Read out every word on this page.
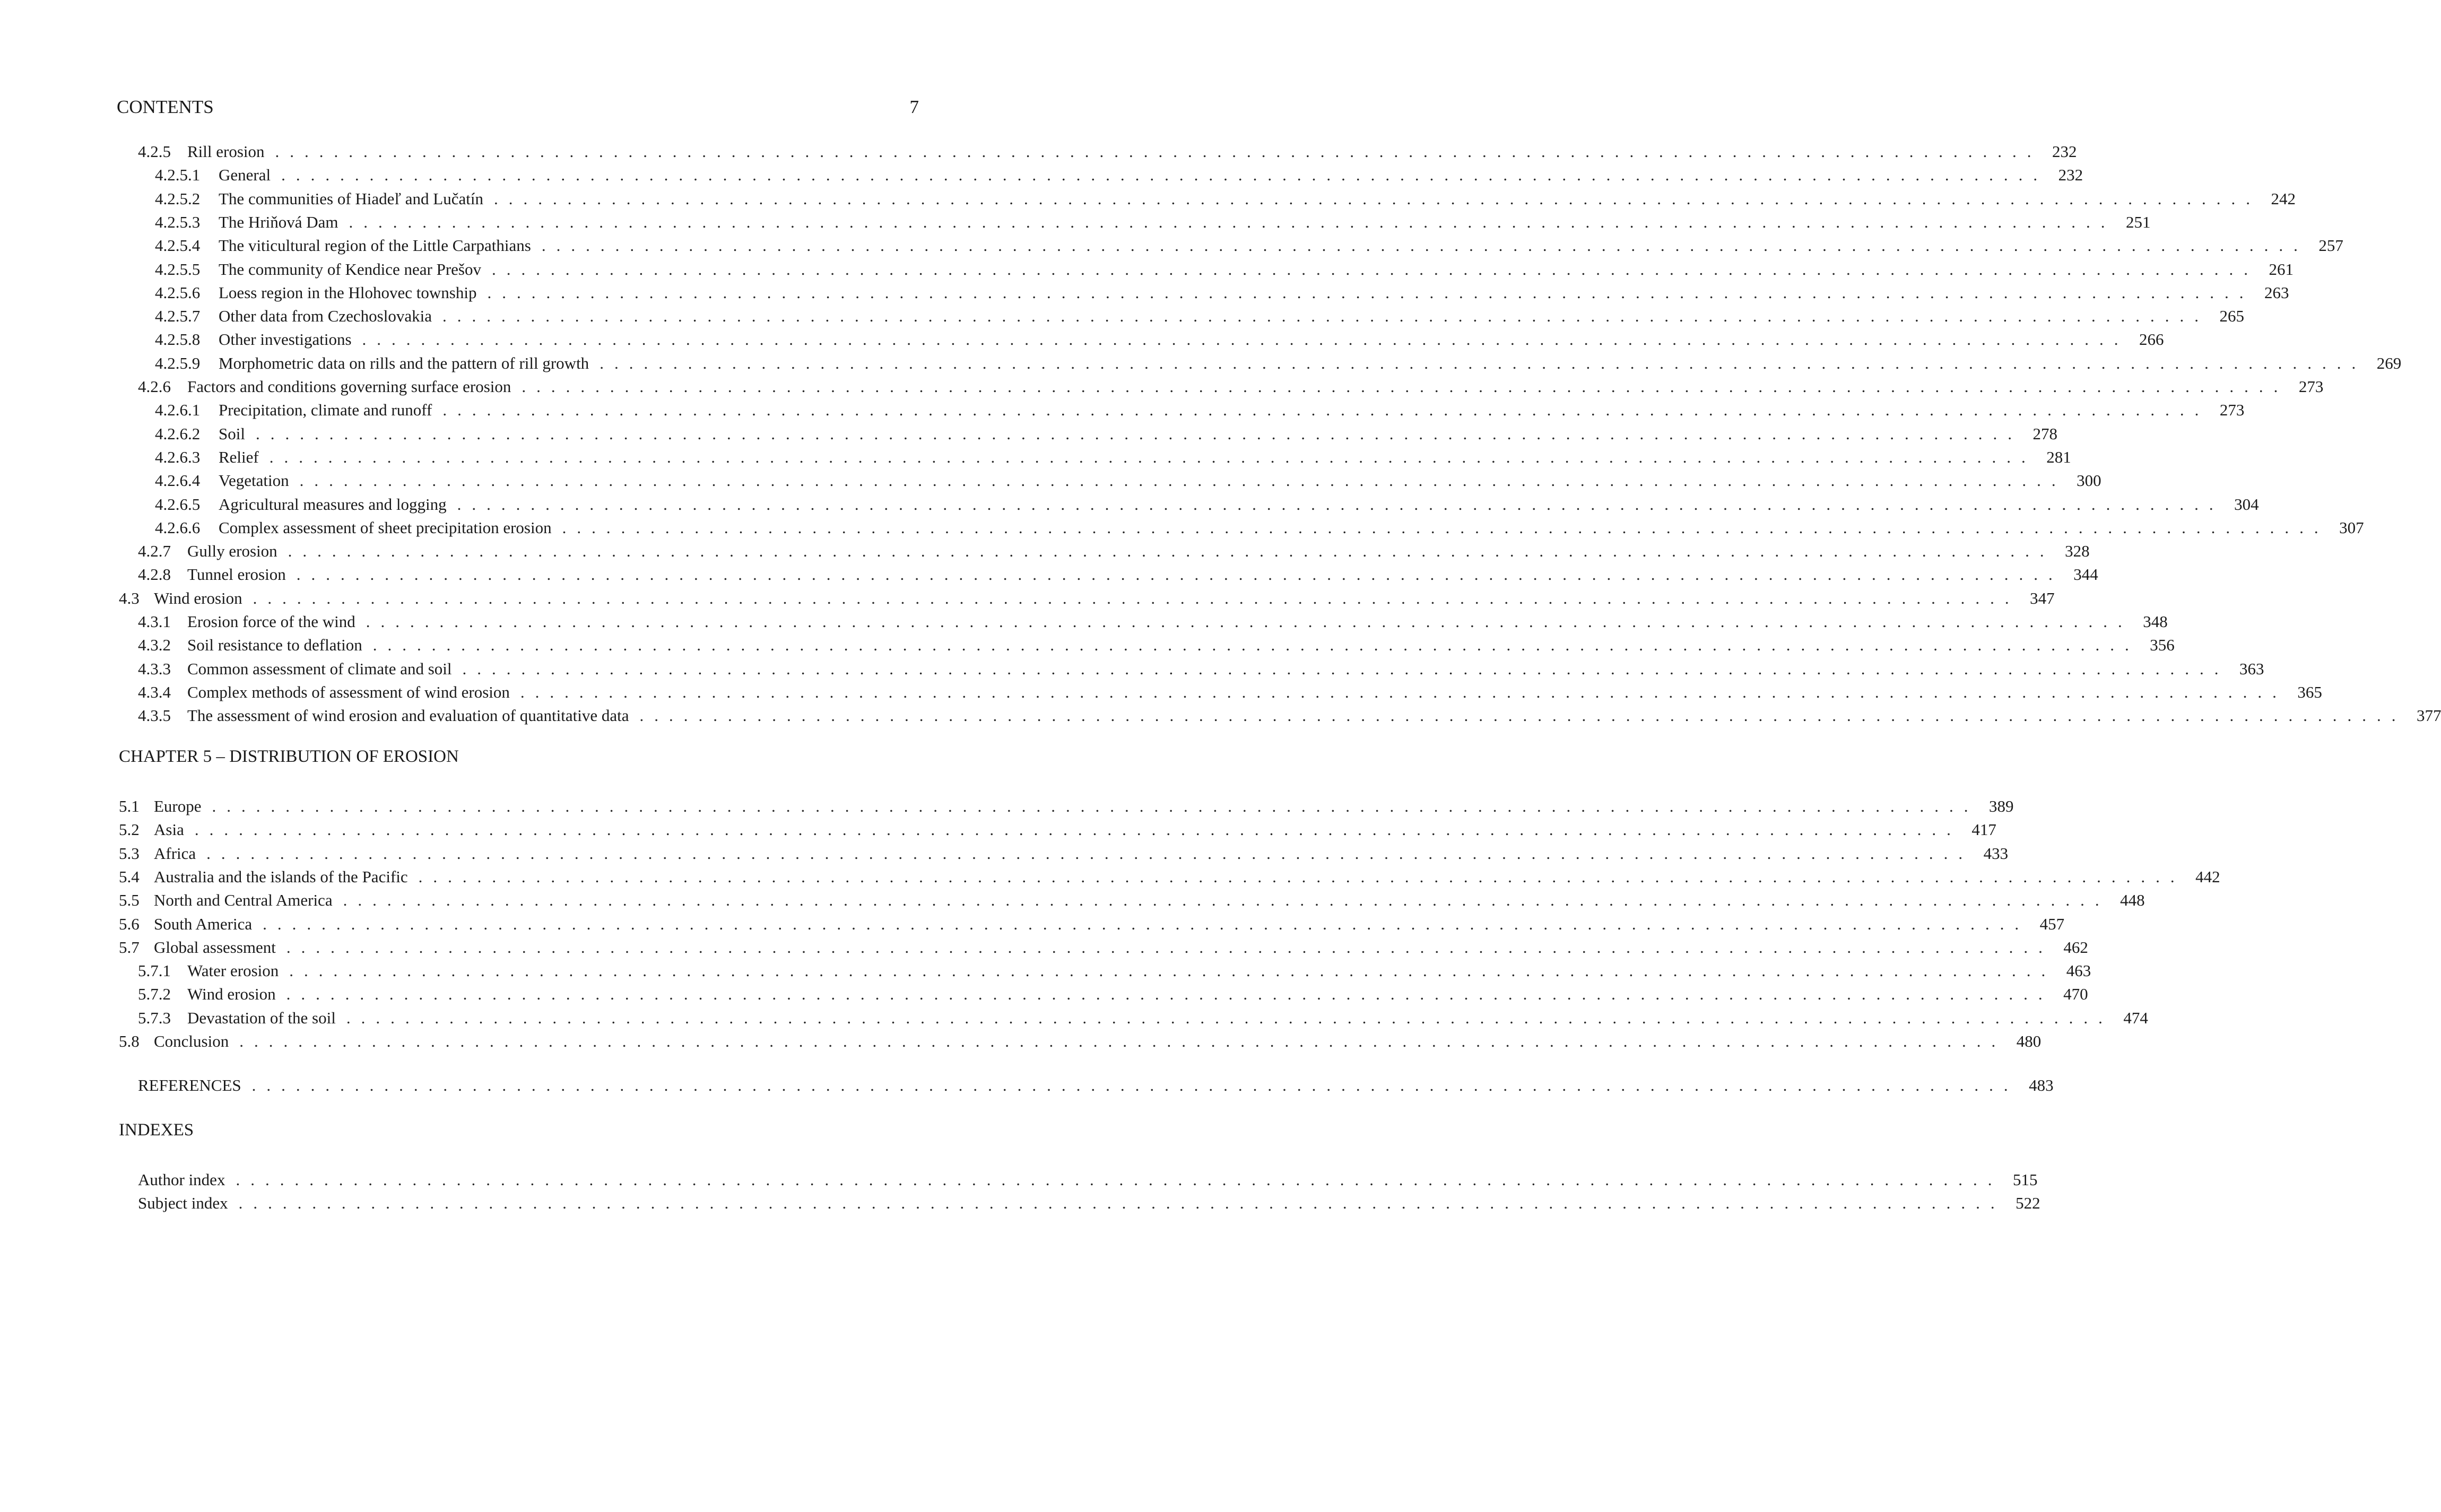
CONTENTS	7
CHAPTER 5 – DISTRIBUTION OF EROSION
INDEXES
4.2.5	Rill erosion ........................................................................................................................ 232
4.2.5.1	General ........................................................................................................................ 232
4.2.5.2	The communities of Hiadeľ and Lučatín ........................................................................................................................ 242
4.2.5.3	The Hriňová Dam ........................................................................................................................ 251
4.2.5.4	The viticultural region of the Little Carpathians ........................................................................................................................ 257
4.2.5.5	The community of Kendice near Prešov ........................................................................................................................ 261
4.2.5.6	Loess region in the Hlohovec township ........................................................................................................................ 263
4.2.5.7	Other data from Czechoslovakia ........................................................................................................................ 265
4.2.5.8	Other investigations ........................................................................................................................ 266
4.2.5.9	Morphometric data on rills and the pattern of rill growth ........................................................................................................................ 269
4.2.6	Factors and conditions governing surface erosion ........................................................................................................................ 273
4.2.6.1	Precipitation, climate and runoff ........................................................................................................................ 273
4.2.6.2	Soil ........................................................................................................................ 278
4.2.6.3	Relief ........................................................................................................................ 281
4.2.6.4	Vegetation ........................................................................................................................ 300
4.2.6.5	Agricultural measures and logging ........................................................................................................................ 304
4.2.6.6	Complex assessment of sheet precipitation erosion ........................................................................................................................ 307
4.2.7	Gully erosion ........................................................................................................................ 328
4.2.8	Tunnel erosion ........................................................................................................................ 344
4.3 Wind erosion ........................................................................................................................ 347
4.3.1	Erosion force of the wind ........................................................................................................................ 348
4.3.2	Soil resistance to deflation ........................................................................................................................ 356
4.3.3	Common assessment of climate and soil ........................................................................................................................ 363
4.3.4	Complex methods of assessment of wind erosion ........................................................................................................................ 365
4.3.5	The assessment of wind erosion and evaluation of quantitative data ........................................................................................................................ 377
5.1 Europe ........................................................................................................................ 389
5.2 Asia ........................................................................................................................ 417
5.3 Africa ........................................................................................................................ 433
5.4 Australia and the islands of the Pacific ........................................................................................................................ 442
5.5 North and Central America ........................................................................................................................ 448
5.6 South America ........................................................................................................................ 457
5.7 Global assessment ........................................................................................................................ 462
5.7.1	Water erosion ........................................................................................................................ 463
5.7.2	Wind erosion ........................................................................................................................ 470
5.7.3	Devastation of the soil ........................................................................................................................ 474
5.8 Conclusion ........................................................................................................................ 480
REFERENCES ........................................................................................................................ 483
Author index ........................................................................................................................ 515
Subject index ........................................................................................................................ 522
